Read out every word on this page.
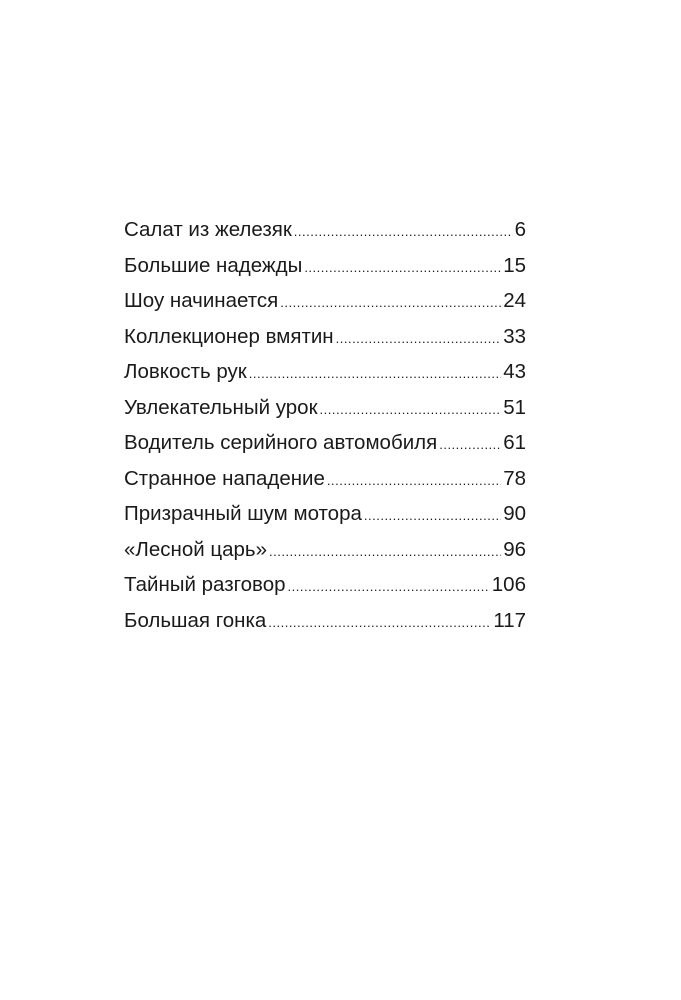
Салат из железяк .....	6
Большие надежды .....	15
Шоу начинается .....	24
Коллекционер вмятин .....	33
Ловкость рук .....	43
Увлекательный урок .....	51
Водитель серийного автомобиля .....	61
Странное нападение .....	78
Призрачный шум мотора .....	90
«Лесной царь» .....	96
Тайный разговор .....	106
Большая гонка .....	117
